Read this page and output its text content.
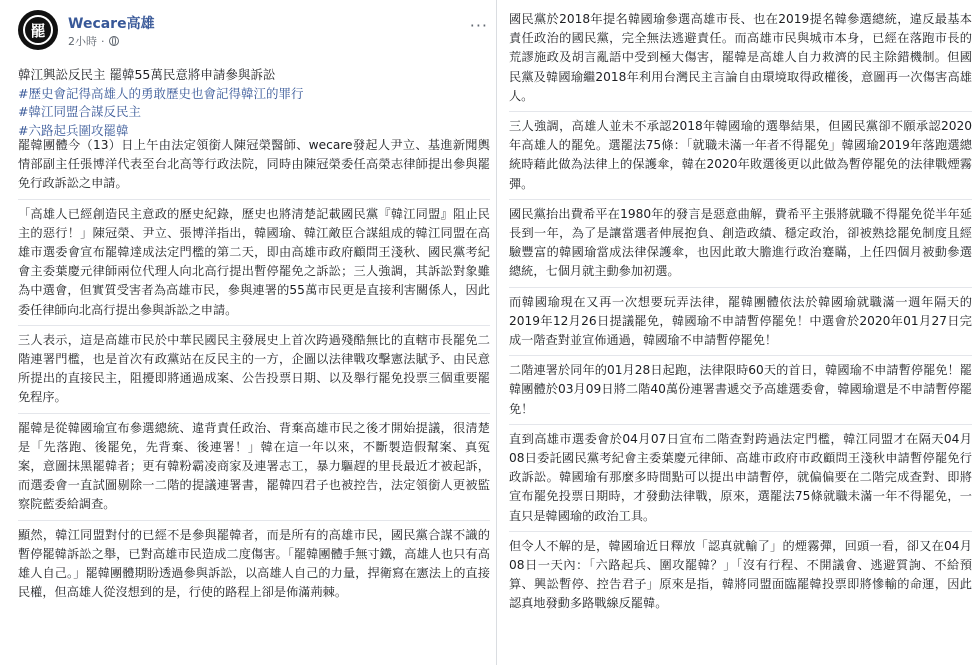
罷	Wecare高雄
2小時 ·
···
韓江興訟反民主 罷韓55萬民意將申請參與訴訟
#歷史會記得高雄人的勇敢歷史也會記得韓江的罪行
#韓江同盟合謀反民主
#六路起兵圍攻罷韓

罷韓團體今（13）日上午由法定領銜人陳冠榮醫師、wecare發起人尹立、基進新聞輿情部副主任張博洋代表至台北高等行政法院，同時由陳冠榮委任高榮志律師提出參與罷免行政訴訟之申請。

「高雄人已經創造民主意政的歷史紀錄，歷史也將清楚記載國民黨『韓江同盟』阻止民主的惡行！」陳冠榮、尹立、張博洋指出，韓國瑜、韓江敵臣合謀組成的韓江同盟在高雄市選委會宣布罷韓達成法定門檻的第二天，即由高雄市政府顧問王淺秋、國民黨考紀會主委葉慶元律師兩位代理人向北高行提出暫停罷免之訴訟；三人強調，其訴訟對象雖為中選會，但實質受害者為高雄市民，參與連署的55萬市民更是直接利害關係人，因此委任律師向北高行提出參與訴訟之申請。

三人表示，這是高雄市民於中華民國民主發展史上首次跨過殘酷無比的直轄市長罷免二階連署門檻，也是首次有政黨站在反民主的一方，企圖以法律戰攻擊憲法賦予、由民意所提出的直接民主，阻擾即將通過成案、公告投票日期、以及舉行罷免投票三個重要罷免程序。

罷韓是從韓國瑜宣布參選總統、違背責任政治、背棄高雄市民之後才開始提議，很清楚是「先落跑、後罷免，先背棄、後連署！」韓在這一年以來，不斷製造假幫案、真冤案，意圖抹黑罷韓者；更有韓粉霸凌商家及連署志工，暴力驅趕的里長最近才被起訴，而選委會一直試圖剔除一二階的提議連署書，罷韓四君子也被控告，法定領銜人更被監察院藍委給調查。

顯然，韓江同盟對付的已經不是參與罷韓者，而是所有的高雄市民，國民黨合謀不識的暫停罷韓訴訟之舉，已對高雄市民造成二度傷害。「罷韓團體手無寸鐵，高雄人也只有高雄人自己。」罷韓團體期盼透過參與訴訟，以高雄人自己的力量，捍衛寫在憲法上的直接民權，但高雄人從沒想到的是，行使的路程上卻是佈滿荊棘。

國民黨於2018年提名韓國瑜參選高雄市長、也在2019提名韓參選總統，違反最基本責任政治的國民黨，完全無法逃避責任。而高雄市民與城市本身，已經在落跑市長的荒謬施政及胡言亂語中受到極大傷害，罷韓是高雄人自力救濟的民主除錯機制。但國民黨及韓國瑜繼2018年利用台灣民主言論自由環境取得政權後，意圖再一次傷害高雄人。

三人強調，高雄人並未不承認2018年韓國瑜的選舉結果，但國民黨卻不願承認2020年高雄人的罷免。選罷法75條：「就職未滿一年者不得罷免」韓國瑜2019年落跑選總統時藉此做為法律上的保護傘，韓在2020年敗選後更以此做為暫停罷免的法律戰煙霧彈。

國民黨抬出費希平在1980年的發言是惡意曲解，費希平主張將就職不得罷免從半年延長到一年，為了是讓當選者伸展抱負、創造政績、穩定政治，卻被熟捻罷免制度且經驗豐富的韓國瑜當成法律保護傘，也因此敢大膽進行政治蹇瞞，上任四個月被動參選總統，七個月就主動參加初選。

而韓國瑜現在又再一次想要玩弄法律，罷韓團體依法於韓國瑜就職滿一週年隔天的2019年12月26日提議罷免，韓國瑜不申請暫停罷免！中選會於2020年01月27日完成一階查對並宣佈通過，韓國瑜不申請暫停罷免！

二階連署於同年的01月28日起跑，法律限時60天的首日，韓國瑜不申請暫停罷免！罷韓團體於03月09日將二階40萬份連署書遞交予高雄選委會，韓國瑜還是不申請暫停罷免！

直到高雄市選委會於04月07日宣布二階查對跨過法定門檻，韓江同盟才在隔天04月08日委託國民黨考紀會主委葉慶元律師、高雄市政府市政顧問王淺秋申請暫停罷免行政訴訟。韓國瑜有那麼多時間點可以提出申請暫停，就偏偏要在二階完成查對、即將宣布罷免投票日期時，才發動法律戰，原來，選罷法75條就職未滿一年不得罷免，一直只是韓國瑜的政治工具。

但令人不解的是，韓國瑜近日釋放「認真就輸了」的煙霧彈，回頭一看，卻又在04月08日一天內：「六路起兵、圍攻罷韓？」「沒有行程、不開議會、逃避質詢、不給預算、興訟暫停、控告君子」原來是指，韓將同盟面臨罷韓投票即將慘輸的命運，因此認真地發動多路戰線反罷韓。
